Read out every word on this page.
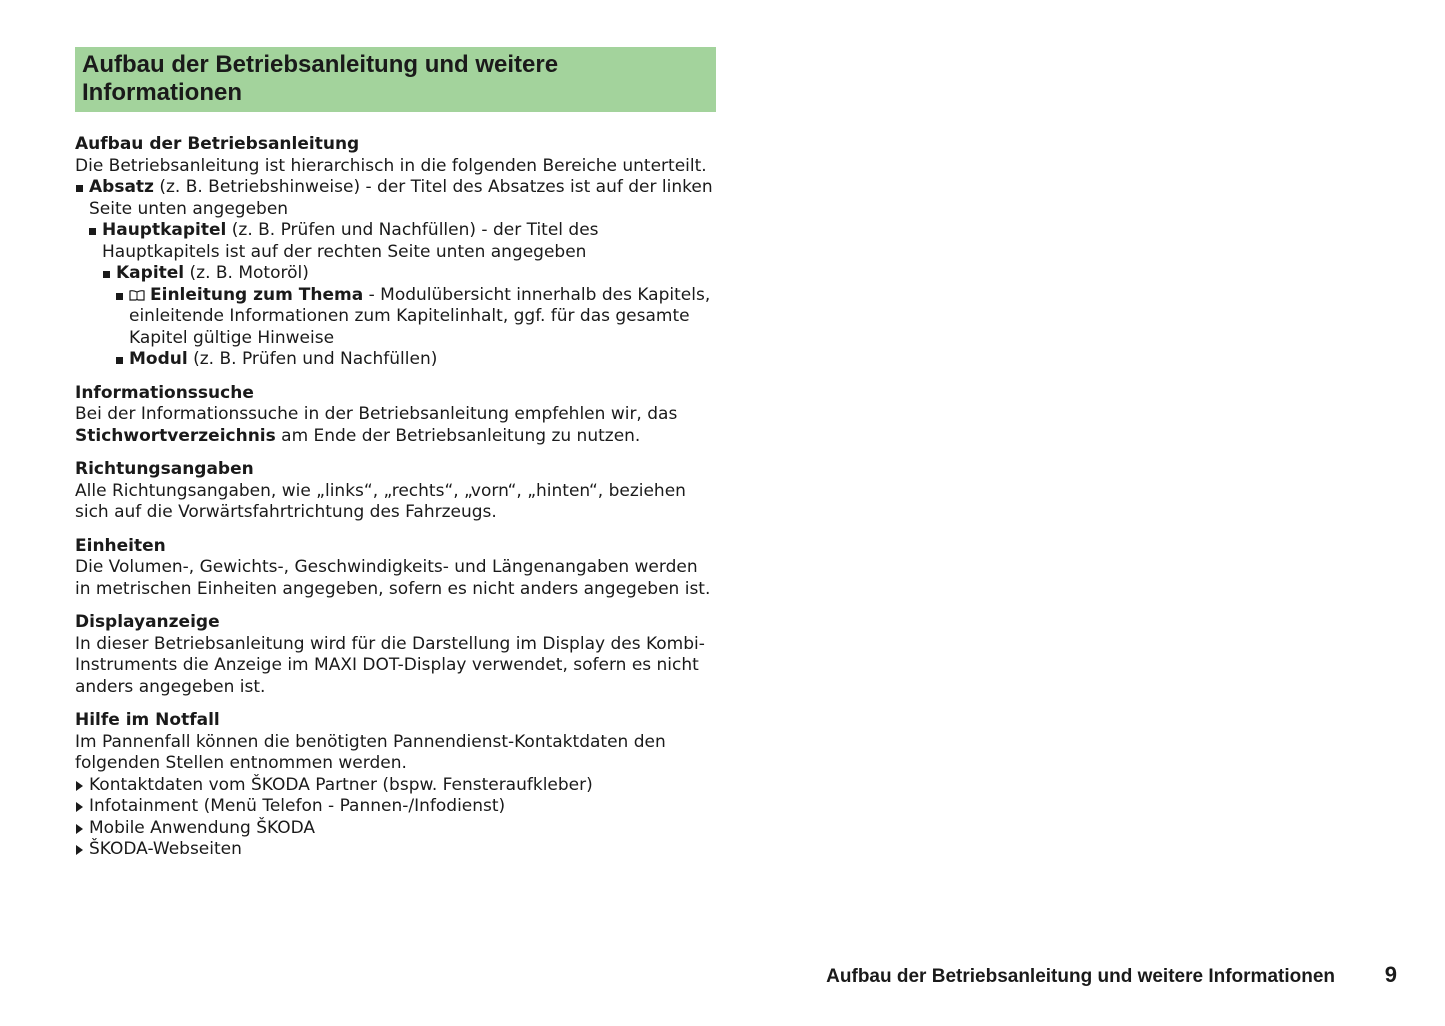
Aufbau der Betriebsanleitung und weitere Informationen

Aufbau der Betriebsanleitung

Die Betriebsanleitung ist hierarchisch in die folgenden Bereiche unterteilt.

Absatz (z. B. Betriebshinweise) - der Titel des Absatzes ist auf der linken Seite unten angegeben
Hauptkapitel (z. B. Prüfen und Nachfüllen) - der Titel des Hauptkapitels ist auf der rechten Seite unten angegeben
Kapitel (z. B. Motoröl)
Einleitung zum Thema - Modulübersicht innerhalb des Kapitels, einleitende Informationen zum Kapitelinhalt, ggf. für das gesamte Kapitel gültige Hinweise
Modul (z. B. Prüfen und Nachfüllen)

Informationssuche

Bei der Informationssuche in der Betriebsanleitung empfehlen wir, das Stichwortverzeichnis am Ende der Betriebsanleitung zu nutzen.

Richtungsangaben

Alle Richtungsangaben, wie „links“, „rechts“, „vorn“, „hinten“, beziehen sich auf die Vorwärtsfahrtrichtung des Fahrzeugs.

Einheiten

Die Volumen-, Gewichts-, Geschwindigkeits- und Längenangaben werden in metrischen Einheiten angegeben, sofern es nicht anders angegeben ist.

Displayanzeige

In dieser Betriebsanleitung wird für die Darstellung im Display des Kombi-Instruments die Anzeige im MAXI DOT-Display verwendet, sofern es nicht anders angegeben ist.

Hilfe im Notfall

Im Pannenfall können die benötigten Pannendienst-Kontaktdaten den folgenden Stellen entnommen werden.

Kontaktdaten vom ŠKODA Partner (bspw. Fensteraufkleber)
Infotainment (Menü Telefon - Pannen-/Infodienst)
Mobile Anwendung ŠKODA
ŠKODA-Webseiten
Aufbau der Betriebsanleitung und weitere Informationen 9
